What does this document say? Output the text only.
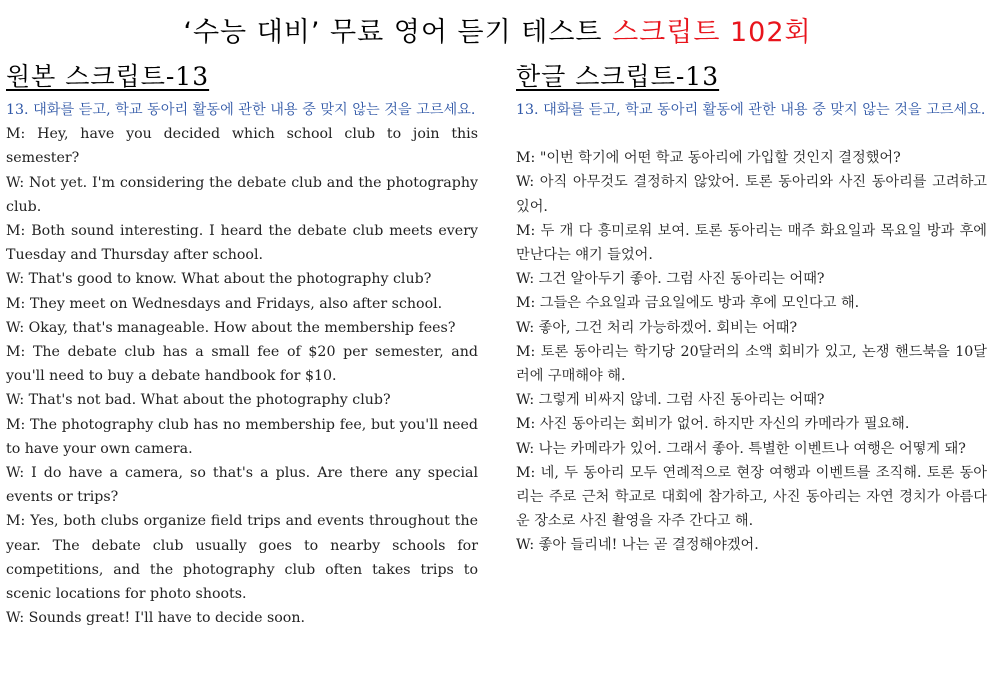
‘수능 대비’ 무료 영어 듣기 테스트 스크립트 102회
원본 스크립트-13

13. 대화를 듣고, 학교 동아리 활동에 관한 내용 중 맞지 않는 것을 고르세요.

M: Hey, have you decided which school club to join this semester?

W: Not yet. I'm considering the debate club and the photography club.

M: Both sound interesting. I heard the debate club meets every Tuesday and Thursday after school.

W: That's good to know. What about the photography club?

M: They meet on Wednesdays and Fridays, also after school.

W: Okay, that's manageable. How about the membership fees?

M: The debate club has a small fee of $20 per semester, and you'll need to buy a debate handbook for $10.

W: That's not bad. What about the photography club?

M: The photography club has no membership fee, but you'll need to have your own camera.

W: I do have a camera, so that's a plus. Are there any special events or trips?

M: Yes, both clubs organize field trips and events throughout the year. The debate club usually goes to nearby schools for competitions, and the photography club often takes trips to scenic locations for photo shoots.

W: Sounds great! I'll have to decide soon.

한글 스크립트-13

13. 대화를 듣고, 학교 동아리 활동에 관한 내용 중 맞지 않는 것을 고르세요.

M: "이번 학기에 어떤 학교 동아리에 가입할 것인지 결정했어?

W: 아직 아무것도 결정하지 않았어. 토론 동아리와 사진 동아리를 고려하고 있어.

M: 두 개 다 흥미로워 보여. 토론 동아리는 매주 화요일과 목요일 방과 후에 만난다는 얘기 들었어.

W: 그건 알아두기 좋아. 그럼 사진 동아리는 어때?

M: 그들은 수요일과 금요일에도 방과 후에 모인다고 해.

W: 좋아, 그건 처리 가능하겠어. 회비는 어때?

M: 토론 동아리는 학기당 20달러의 소액 회비가 있고, 논쟁 핸드북을 10달러에 구매해야 해.

W: 그렇게 비싸지 않네. 그럼 사진 동아리는 어때?

M: 사진 동아리는 회비가 없어. 하지만 자신의 카메라가 필요해.

W: 나는 카메라가 있어. 그래서 좋아. 특별한 이벤트나 여행은 어떻게 돼?

M: 네, 두 동아리 모두 연례적으로 현장 여행과 이벤트를 조직해. 토론 동아리는 주로 근처 학교로 대회에 참가하고, 사진 동아리는 자연 경치가 아름다운 장소로 사진 촬영을 자주 간다고 해.

W: 좋아 들리네! 나는 곧 결정해야겠어.
